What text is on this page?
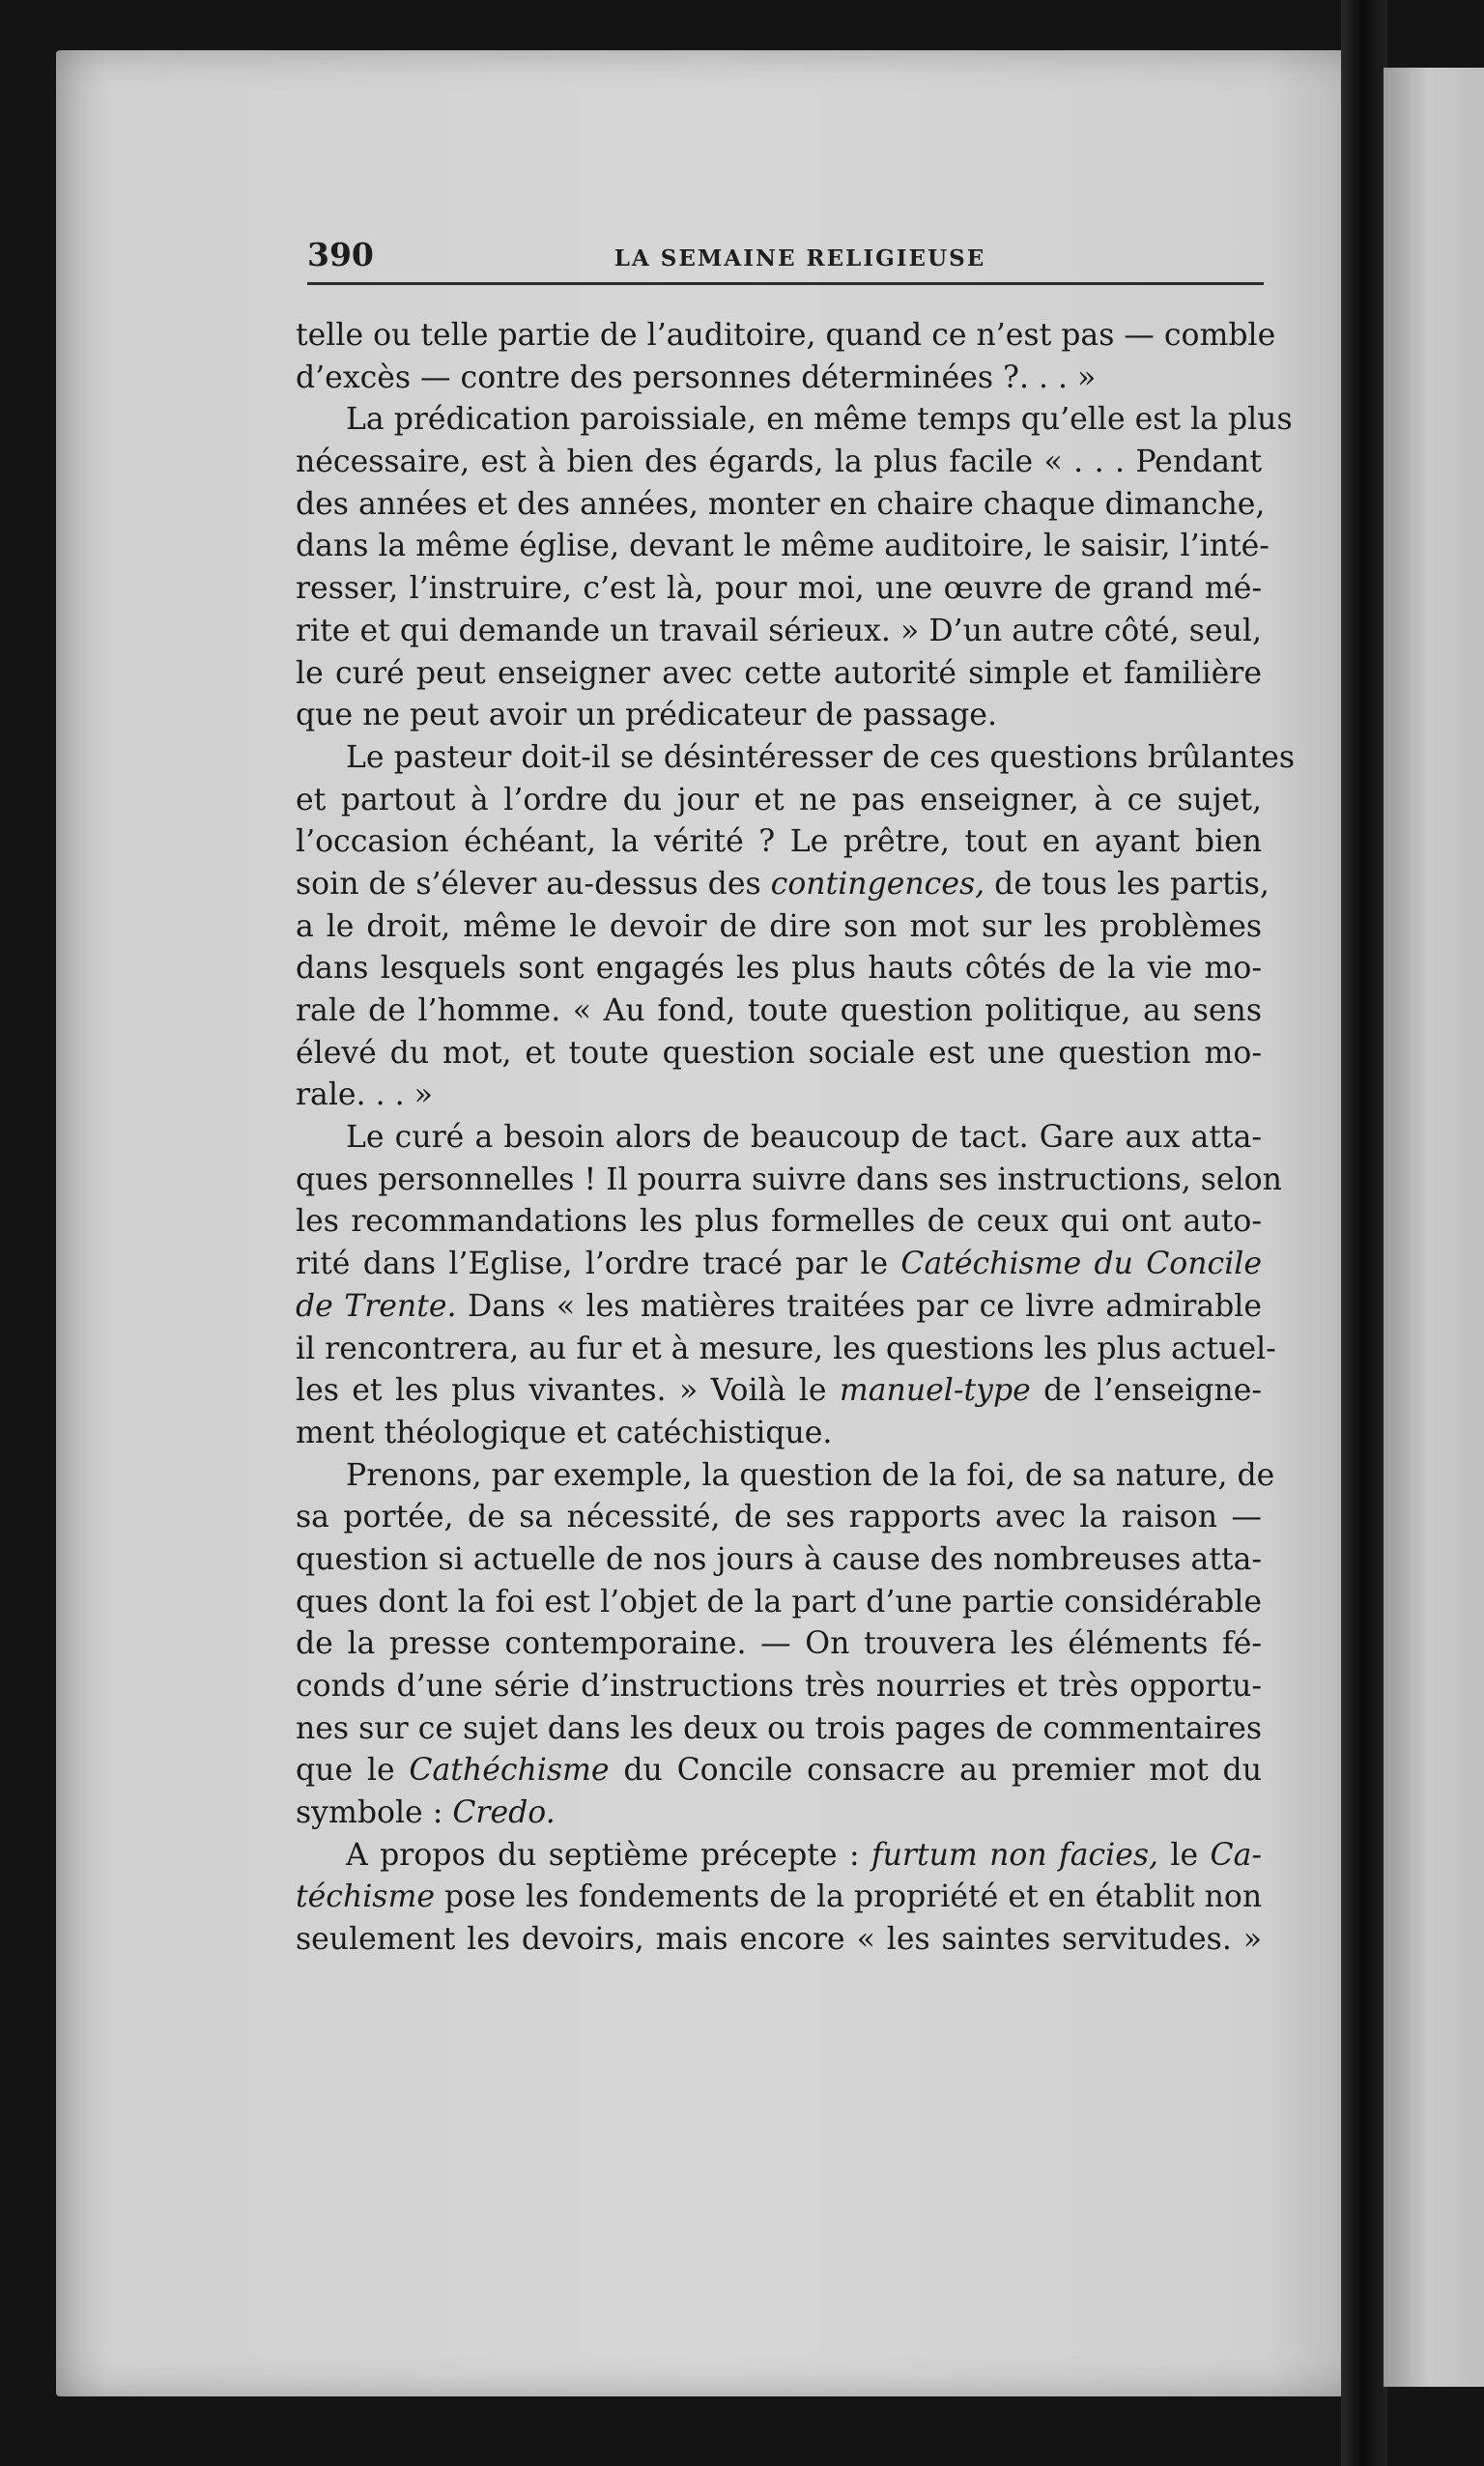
390	LA SEMAINE RELIGIEUSE
telle ou telle partie de l’auditoire, quand ce n’est pas — comble
d’excès — contre des personnes déterminées ?. . . »
La prédication paroissiale, en même temps qu’elle est la plus
nécessaire, est à bien des égards, la plus facile « . . . Pendant
des années et des années, monter en chaire chaque dimanche,
dans la même église, devant le même auditoire, le saisir, l’inté-
resser, l’instruire, c’est là, pour moi, une œuvre de grand mé-
rite et qui demande un travail sérieux. » D’un autre côté, seul,
le curé peut enseigner avec cette autorité simple et familière
que ne peut avoir un prédicateur de passage.
Le pasteur doit-il se désintéresser de ces questions brûlantes
et partout à l’ordre du jour et ne pas enseigner, à ce sujet,
l’occasion échéant, la vérité ? Le prêtre, tout en ayant bien
soin de s’élever au-dessus des contingences, de tous les partis,
a le droit, même le devoir de dire son mot sur les problèmes
dans lesquels sont engagés les plus hauts côtés de la vie mo-
rale de l’homme. « Au fond, toute question politique, au sens
élevé du mot, et toute question sociale est une question mo-
rale. . . »
Le curé a besoin alors de beaucoup de tact. Gare aux atta-
ques personnelles ! Il pourra suivre dans ses instructions, selon
les recommandations les plus formelles de ceux qui ont auto-
rité dans l’Eglise, l’ordre tracé par le Catéchisme du Concile
de Trente. Dans « les matières traitées par ce livre admirable
il rencontrera, au fur et à mesure, les questions les plus actuel-
les et les plus vivantes. » Voilà le manuel-type de l’enseigne-
ment théologique et catéchistique.
Prenons, par exemple, la question de la foi, de sa nature, de
sa portée, de sa nécessité, de ses rapports avec la raison —
question si actuelle de nos jours à cause des nombreuses atta-
ques dont la foi est l’objet de la part d’une partie considérable
de la presse contemporaine. — On trouvera les éléments fé-
conds d’une série d’instructions très nourries et très opportu-
nes sur ce sujet dans les deux ou trois pages de commentaires
que le Cathéchisme du Concile consacre au premier mot du
symbole : Credo.
A propos du septième précepte : furtum non facies, le Ca-
téchisme pose les fondements de la propriété et en établit non
seulement les devoirs, mais encore « les saintes servitudes. »
